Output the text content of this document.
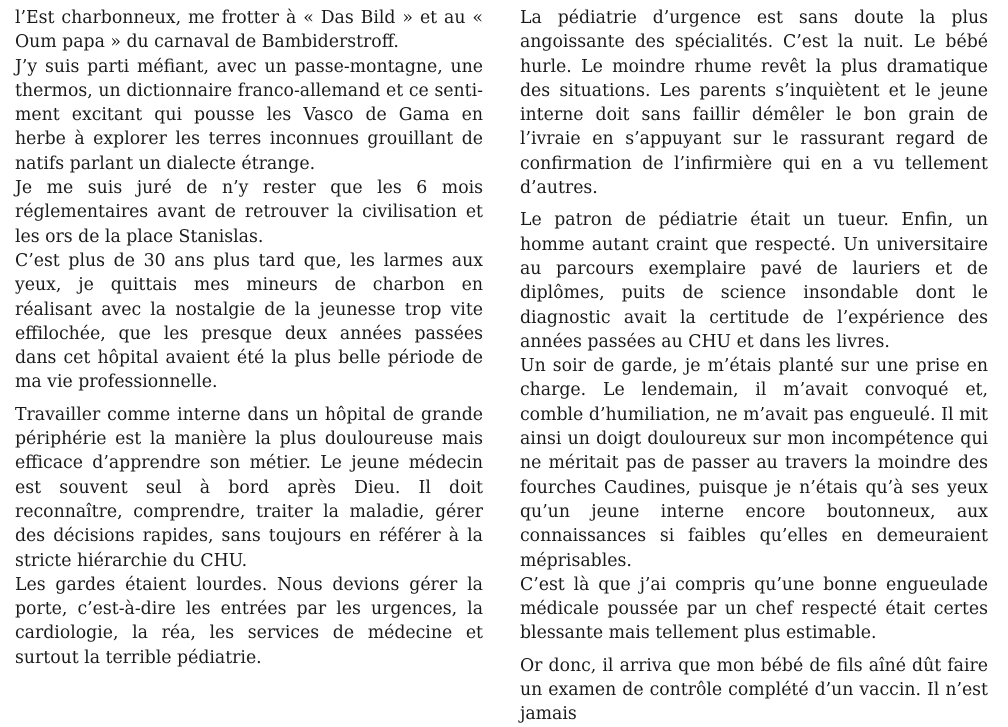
l’Est charbonneux, me frotter à « Das Bild » et au « Oum papa » du carnaval de Bambiderstroff.

J’y suis parti méfiant, avec un passe-montagne, une thermos, un dictionnaire franco-allemand et ce sentiment excitant qui pousse les Vasco de Gama en herbe à explorer les terres inconnues grouillant de natifs parlant un dialecte étrange.

Je me suis juré de n’y rester que les 6 mois réglementaires avant de retrouver la civilisation et les ors de la place Stanislas.

C’est plus de 30 ans plus tard que, les larmes aux yeux, je quittais mes mineurs de charbon en réalisant avec la nostalgie de la jeunesse trop vite effilochée, que les presque deux années passées dans cet hôpital avaient été la plus belle période de ma vie professionnelle.

Travailler comme interne dans un hôpital de grande périphérie est la manière la plus douloureuse mais efficace d’apprendre son métier. Le jeune médecin est souvent seul à bord après Dieu. Il doit reconnaître, comprendre, traiter la maladie, gérer des décisions rapides, sans toujours en référer à la stricte hiérarchie du CHU.

Les gardes étaient lourdes. Nous devions gérer la porte, c’est-à-dire les entrées par les urgences, la cardiologie, la réa, les services de médecine et surtout la terrible pédiatrie.

La pédiatrie d’urgence est sans doute la plus angoissante des spécialités. C’est la nuit. Le bébé hurle. Le moindre rhume revêt la plus dramatique des situations. Les parents s’inquiètent et le jeune interne doit sans faillir démêler le bon grain de l’ivraie en s’appuyant sur le rassurant regard de confirmation de l’infirmière qui en a vu tellement d’autres.

Le patron de pédiatrie était un tueur. Enfin, un homme autant craint que respecté. Un universitaire au parcours exemplaire pavé de lauriers et de diplômes, puits de science insondable dont le diagnostic avait la certitude de l’expérience des années passées au CHU et dans les livres.

Un soir de garde, je m’étais planté sur une prise en charge. Le lendemain, il m’avait convoqué et, comble d’humiliation, ne m’avait pas engueulé. Il mit ainsi un doigt douloureux sur mon incompétence qui ne méritait pas de passer au travers la moindre des fourches Caudines, puisque je n’étais qu’à ses yeux qu’un jeune interne encore boutonneux, aux connaissances si faibles qu’elles en demeuraient méprisables.

C’est là que j’ai compris qu’une bonne engueulade médicale poussée par un chef respecté était certes blessante mais tellement plus estimable.

Or donc, il arriva que mon bébé de fils aîné dût faire un examen de contrôle complété d’un vaccin. Il n’est jamais
